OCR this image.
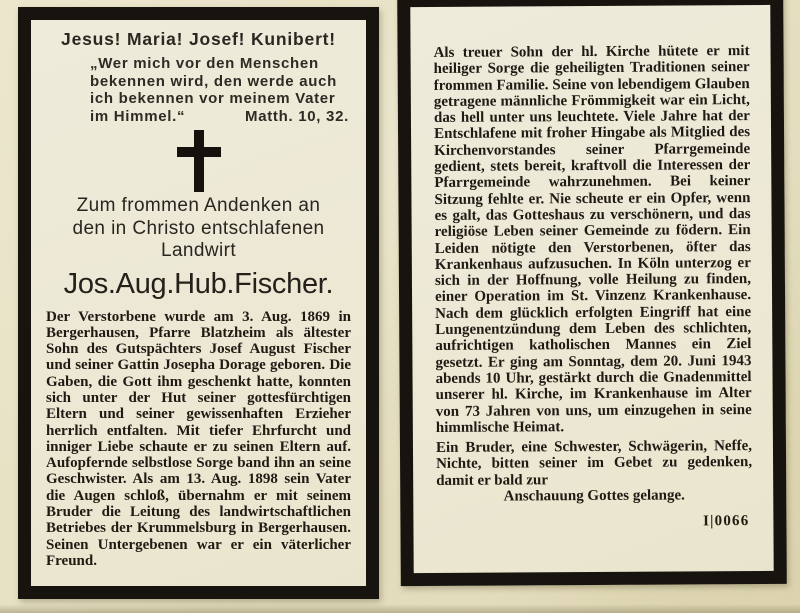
Jesus! Maria! Josef! Kunibert!
„Wer mich vor den Menschen
bekennen wird, den werde auch
ich bekennen vor meinem Vater
im Himmel.“	Matth. 10, 32.
Zum frommen Andenken an
den in Christo entschlafenen
Landwirt
Jos.Aug.Hub.Fischer.

Der Verstorbene wurde am 3. Aug. 1869 in Bergerhausen, Pfarre Blatzheim als ältester Sohn des Gutspächters Josef August Fischer und seiner Gattin Josepha Dorage geboren. Die Gaben, die Gott ihm geschenkt hatte, konnten sich unter der Hut seiner gottesfürchtigen Eltern und seiner gewissenhaften Erzieher herrlich entfalten. Mit tiefer Ehrfurcht und inniger Liebe schaute er zu seinen Eltern auf. Aufopfernde selbstlose Sorge band ihn an seine Geschwister. Als am 13. Aug. 1898 sein Vater die Augen schloß, übernahm er mit seinem Bruder die Leitung des landwirtschaftlichen Betriebes der Krummelsburg in Bergerhausen. Seinen Untergebenen war er ein väterlicher Freund.

Als treuer Sohn der hl. Kirche hütete er mit heiliger Sorge die geheiligten Traditionen seiner frommen Familie. Seine von lebendigem Glauben getragene männliche Frömmigkeit war ein Licht, das hell unter uns leuchtete. Viele Jahre hat der Entschlafene mit froher Hingabe als Mitglied des Kirchenvorstandes seiner Pfarrgemeinde gedient, stets bereit, kraftvoll die Interessen der Pfarrgemeinde wahrzunehmen. Bei keiner Sitzung fehlte er. Nie scheute er ein Opfer, wenn es galt, das Gotteshaus zu verschönern, und das religiöse Leben seiner Gemeinde zu födern. Ein Leiden nötigte den Verstorbenen, öfter das Krankenhaus aufzusuchen. In Köln unterzog er sich in der Hoffnung, volle Heilung zu finden, einer Operation im St. Vinzenz Krankenhause. Nach dem glücklich erfolgten Eingriff hat eine Lungenentzündung dem Leben des schlichten, aufrichtigen katholischen Mannes ein Ziel gesetzt. Er ging am Sonntag, dem 20. Juni 1943 abends 10 Uhr, gestärkt durch die Gnadenmittel unserer hl. Kirche, im Krankenhause im Alter von 73 Jahren von uns, um einzugehen in seine himmlische Heimat.

Ein Bruder, eine Schwester, Schwägerin, Neffe, Nichte, bitten seiner im Gebet zu gedenken, damit er bald zur

Anschauung Gottes gelange.
I|0066
